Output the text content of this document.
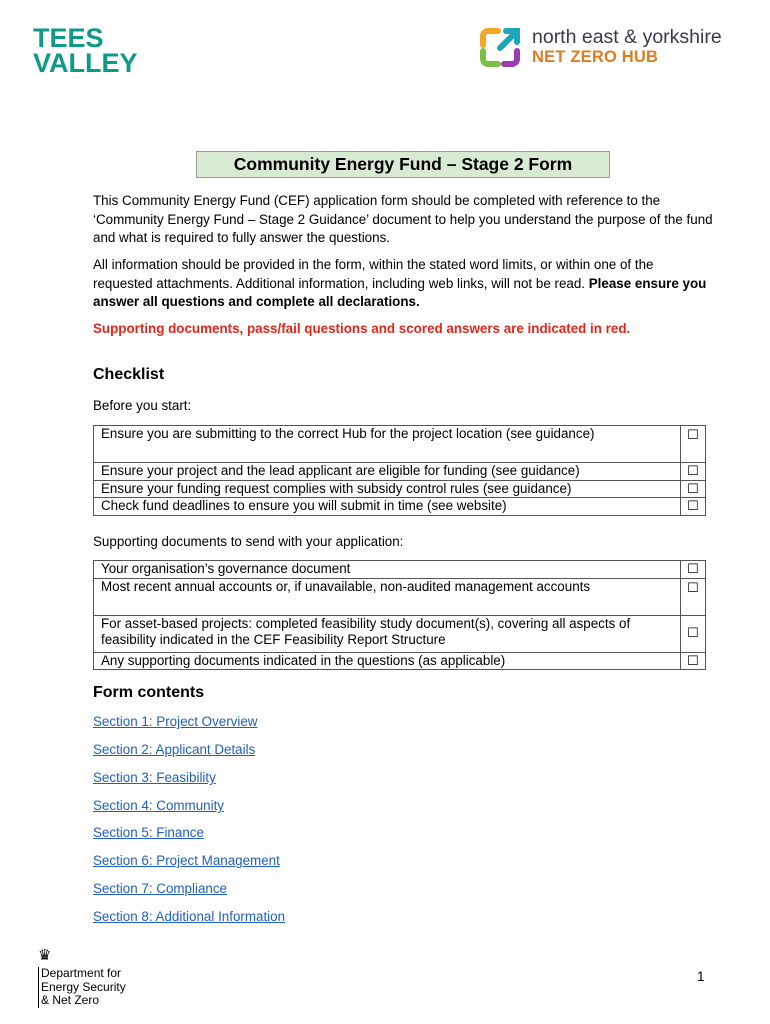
TEES
VALLEY
north east & yorkshire
NET ZERO HUB
Community Energy Fund – Stage 2 Form

This Community Energy Fund (CEF) application form should be completed with reference to the ‘Community Energy Fund – Stage 2 Guidance’ document to help you understand the purpose of the fund and what is required to fully answer the questions.

All information should be provided in the form, within the stated word limits, or within one of the requested attachments. Additional information, including web links, will not be read. Please ensure you answer all questions and complete all declarations.

Supporting documents, pass/fail questions and scored answers are indicated in red.

Checklist
Before you start:
Ensure you are submitting to the correct Hub for the project location (see guidance)	☐
Ensure your project and the lead applicant are eligible for funding (see guidance)	☐
Ensure your funding request complies with subsidy control rules (see guidance)	☐
Check fund deadlines to ensure you will submit in time (see website)	☐
Supporting documents to send with your application:
Your organisation’s governance document	☐
Most recent annual accounts or, if unavailable, non-audited management accounts	☐
For asset-based projects: completed feasibility study document(s), covering all aspects of feasibility indicated in the CEF Feasibility Report Structure	☐
Any supporting documents indicated in the questions (as applicable)	☐
Form contents
Section 1: Project Overview
Section 2: Applicant Details
Section 3: Feasibility
Section 4: Community
Section 5: Finance
Section 6: Project Management
Section 7: Compliance
Section 8: Additional Information
♛
Department for
Energy Security
& Net Zero
1
